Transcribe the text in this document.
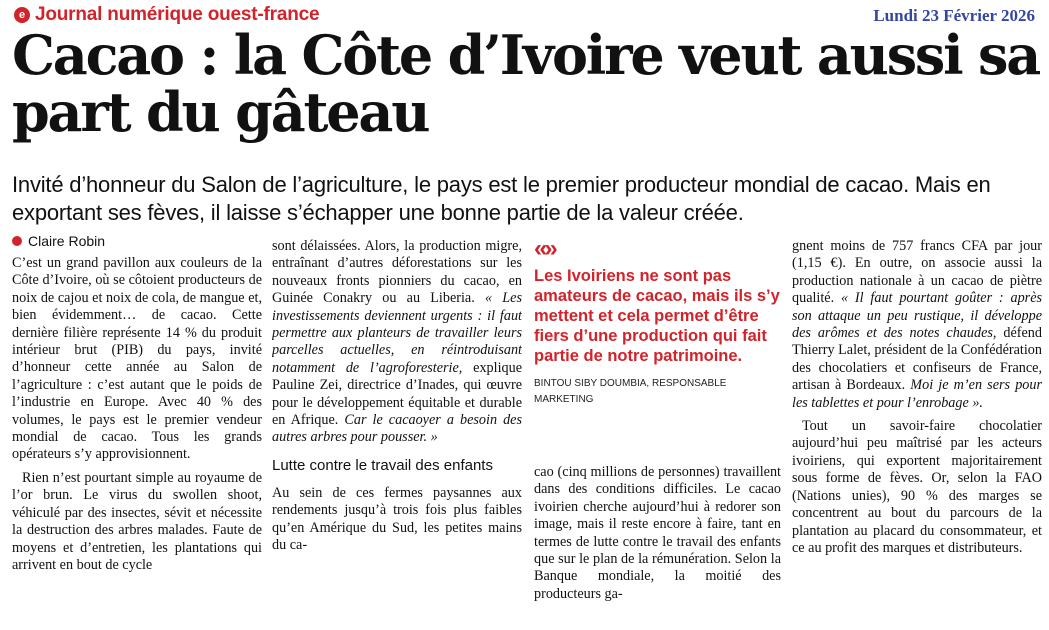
e Journal numérique ouest-france	Lundi 23 Février 2026
Cacao : la Côte d’Ivoire veut aussi sa part du gâteau

Invité d’honneur du Salon de l’agriculture, le pays est le premier producteur mondial de cacao. Mais en exportant ses fèves, il laisse s’échapper une bonne partie de la valeur créée.

Claire Robin

C’est un grand pavillon aux couleurs de la Côte d’Ivoire, où se côtoient producteurs de noix de cajou et noix de cola, de mangue et, bien évidemment… de cacao. Cette dernière filière représente 14 % du produit intérieur brut (PIB) du pays, invité d’honneur cette année au Salon de l’agriculture : c’est autant que le poids de l’industrie en Europe. Avec 40 % des volumes, le pays est le premier vendeur mondial de cacao. Tous les grands opérateurs s’y approvisionnent.

Rien n’est pourtant simple au royaume de l’or brun. Le virus du swollen shoot, véhiculé par des insectes, sévit et nécessite la destruction des arbres malades. Faute de moyens et d’entretien, les plantations qui arrivent en bout de cycle

sont délaissées. Alors, la production migre, entraînant d’autres déforestations sur les nouveaux fronts pionniers du cacao, en Guinée Conakry ou au Liberia. « Les investissements deviennent urgents : il faut permettre aux planteurs de travailler leurs parcelles actuelles, en réintroduisant notamment de l’agroforesterie, explique Pauline Zei, directrice d’Inades, qui œuvre pour le développement équitable et durable en Afrique. Car le cacaoyer a besoin des autres arbres pour pousser. »

Lutte contre le travail des enfants

Au sein de ces fermes paysannes aux rendements jusqu’à trois fois plus faibles qu’en Amérique du Sud, les petites mains du ca-

«»
Les Ivoiriens ne sont pas amateurs de cacao, mais ils s’y mettent et cela permet d’être fiers d’une production qui fait partie de notre patrimoine.
BINTOU SIBY DOUMBIA, RESPONSABLE MARKETING

cao (cinq millions de personnes) travaillent dans des conditions difficiles. Le cacao ivoirien cherche aujourd’hui à redorer son image, mais il reste encore à faire, tant en termes de lutte contre le travail des enfants que sur le plan de la rémunération. Selon la Banque mondiale, la moitié des producteurs ga-

gnent moins de 757 francs CFA par jour (1,15 €). En outre, on associe aussi la production nationale à un cacao de piètre qualité. « Il faut pourtant goûter : après son attaque un peu rustique, il développe des arômes et des notes chaudes, défend Thierry Lalet, président de la Confédération des chocolatiers et confiseurs de France, artisan à Bordeaux. Moi je m’en sers pour les tablettes et pour l’enrobage ».

Tout un savoir-faire chocolatier aujourd’hui peu maîtrisé par les acteurs ivoiriens, qui exportent majoritairement sous forme de fèves. Or, selon la FAO (Nations unies), 90 % des marges se concentrent au bout du parcours de la plantation au placard du consommateur, et ce au profit des marques et distributeurs.
